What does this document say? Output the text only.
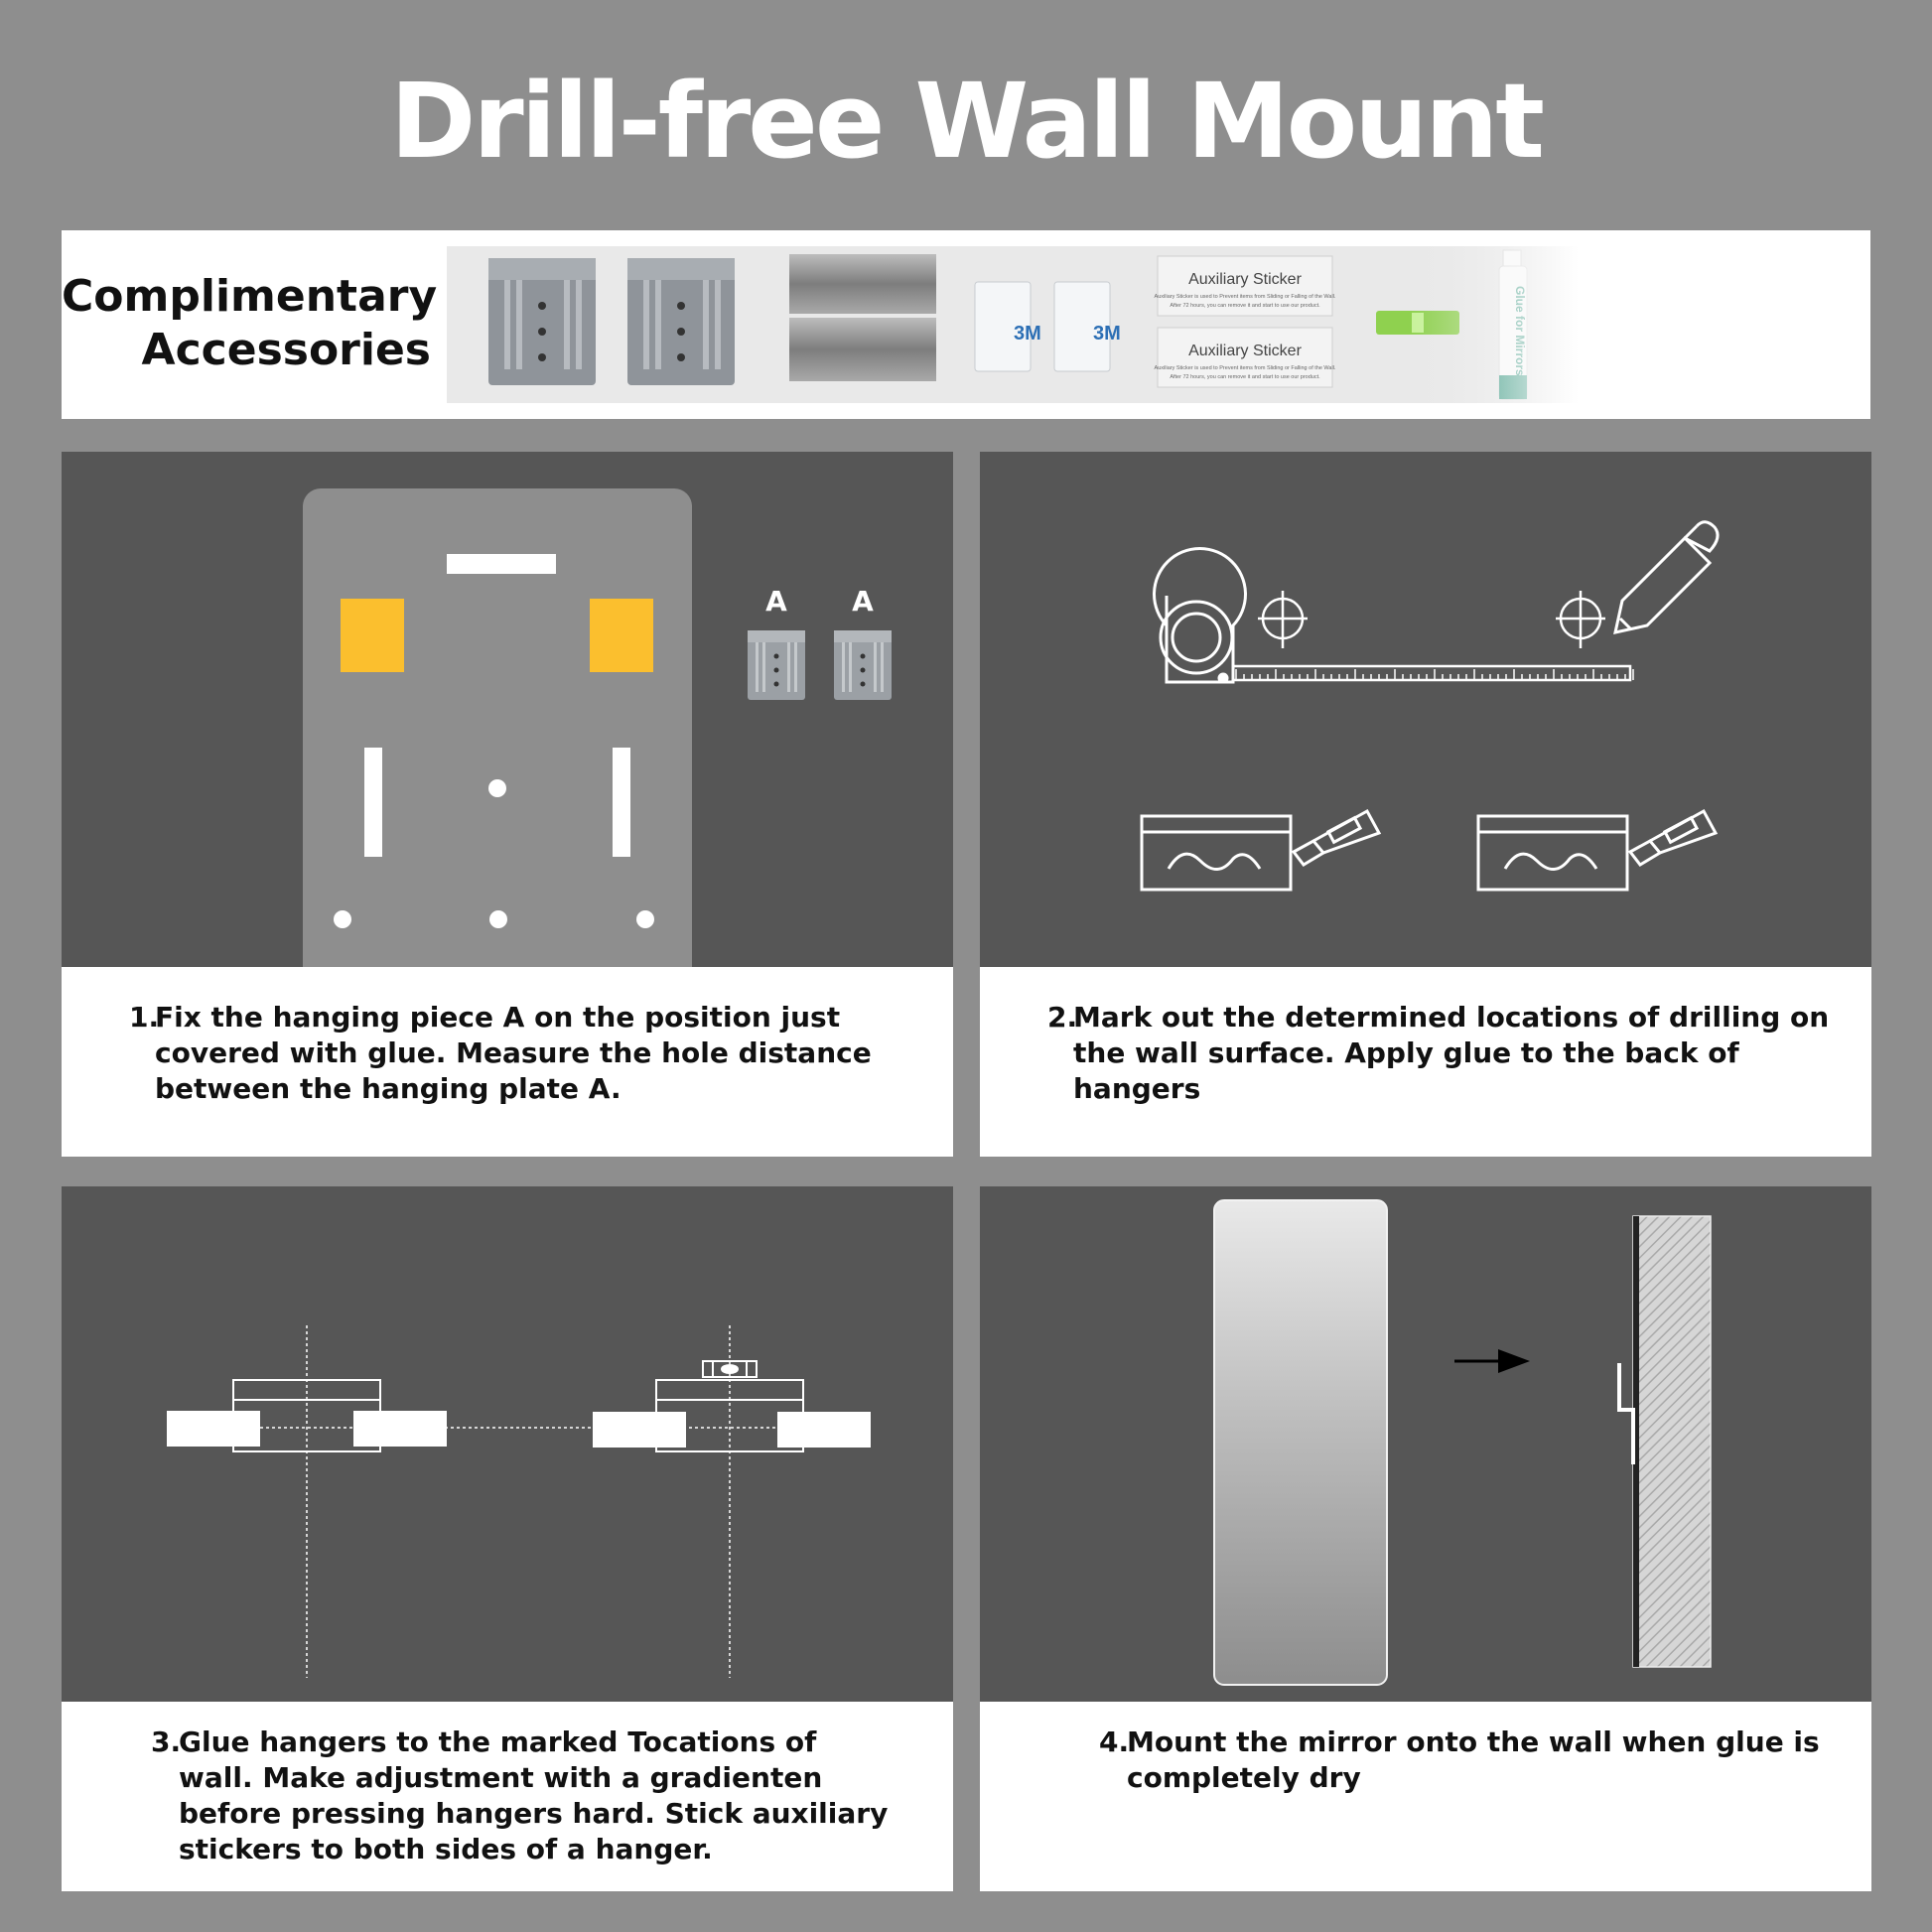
Drill-free Wall Mount
Complimentary
Accessories
A A
1.
Fix the hanging piece A on the position just covered with glue. Measure the hole distance between the hanging plate A.
2.
Mark out the determined locations of drilling on the wall surface. Apply glue to the back of hangers
3.
Glue hangers to the marked Tocations of wall. Make adjustment with a gradienten before pressing hangers hard. Stick auxiliary stickers to both sides of a hanger.
4.
Mount the mirror onto the wall when glue is completely dry
